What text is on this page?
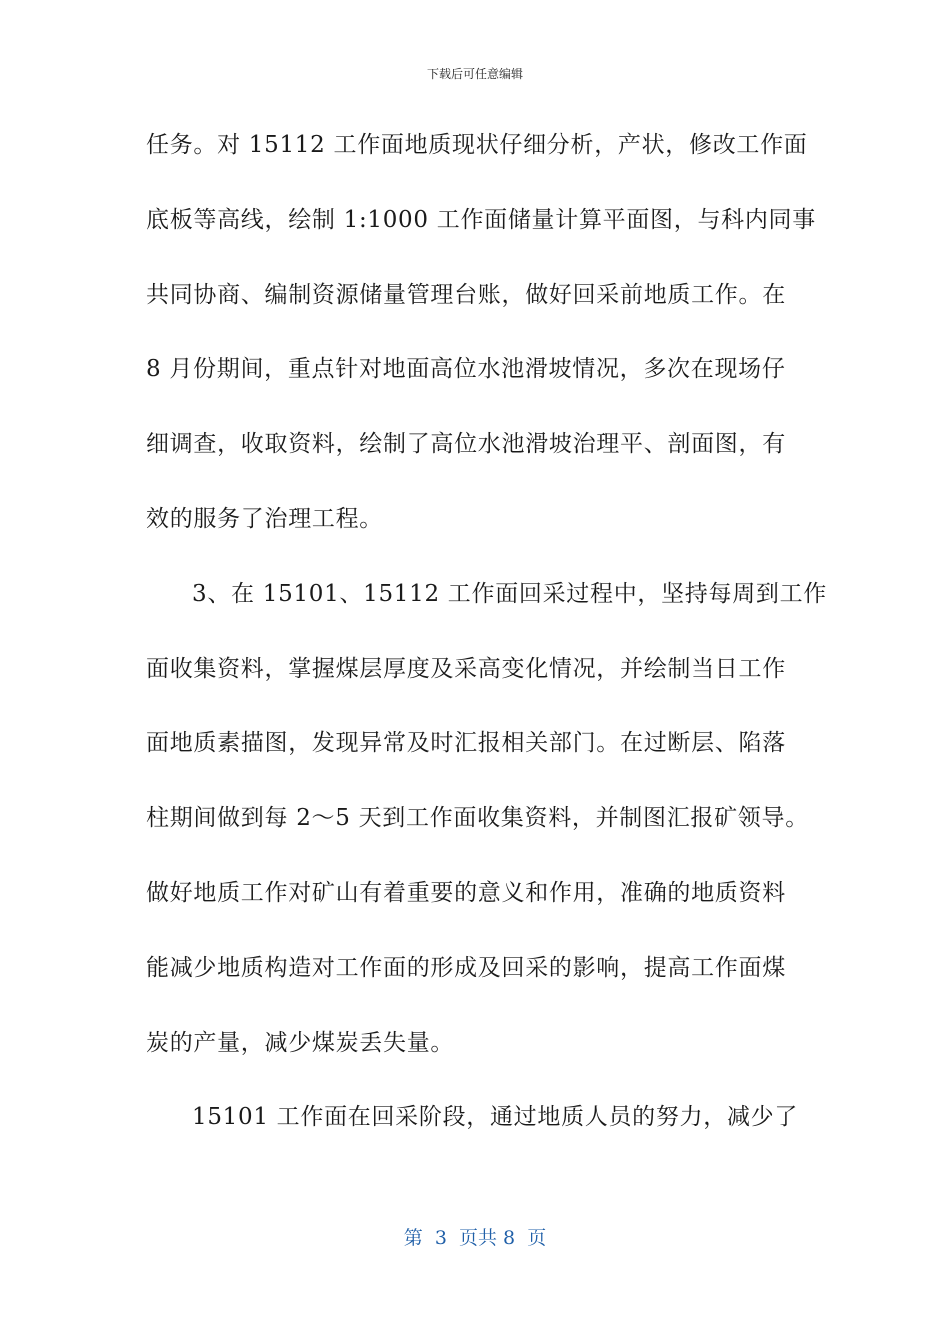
下载后可任意编辑
任务。对 15112 工作面地质现状仔细分析，产状，修改工作面
底板等高线，绘制 1:1000 工作面储量计算平面图，与科内同事
共同协商、编制资源储量管理台账，做好回采前地质工作。在
8 月份期间，重点针对地面高位水池滑坡情况，多次在现场仔
细调查，收取资料，绘制了高位水池滑坡治理平、剖面图，有
效的服务了治理工程。
3、在 15101、15112 工作面回采过程中，坚持每周到工作
面收集资料，掌握煤层厚度及采高变化情况，并绘制当日工作
面地质素描图，发现异常及时汇报相关部门。在过断层、陷落
柱期间做到每 2～5 天到工作面收集资料，并制图汇报矿领导。
做好地质工作对矿山有着重要的意义和作用，准确的地质资料
能减少地质构造对工作面的形成及回采的影响，提高工作面煤
炭的产量，减少煤炭丢失量。
15101 工作面在回采阶段，通过地质人员的努力，减少了
第  3  页共 8  页
